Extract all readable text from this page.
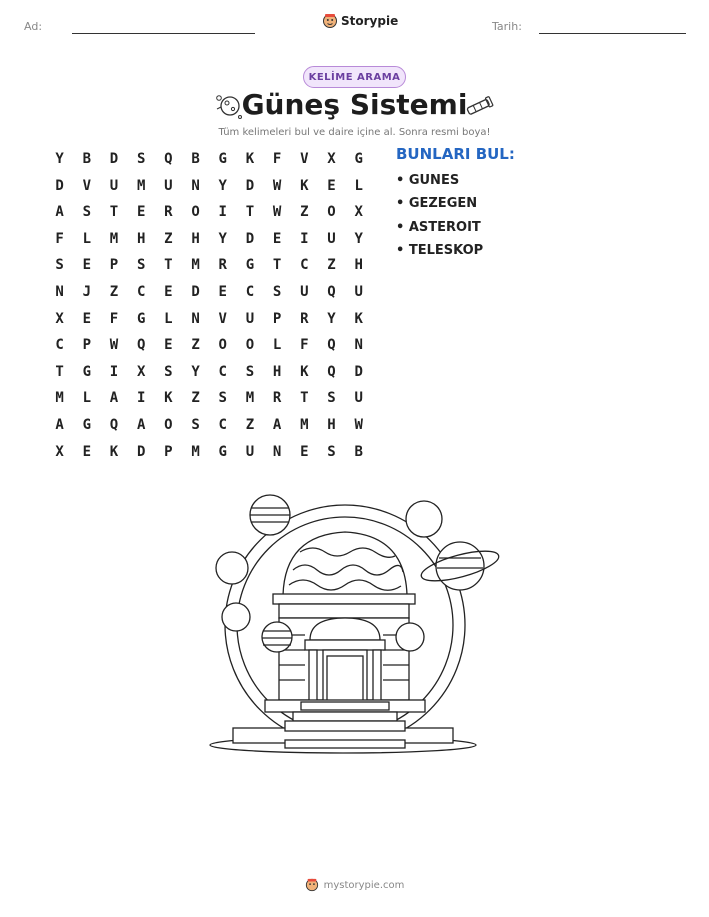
Ad:	Storypie	Tarih:
KELİME ARAMA
Güneş Sistemi
Tüm kelimeleri bul ve daire içine al. Sonra resmi boya!
Y	B	D	S	Q	B	G	K	F	V	X	G
D	V	U	M	U	N	Y	D	W	K	E	L
A	S	T	E	R	O	I	T	W	Z	O	X
F	L	M	H	Z	H	Y	D	E	I	U	Y
S	E	P	S	T	M	R	G	T	C	Z	H
N	J	Z	C	E	D	E	C	S	U	Q	U
X	E	F	G	L	N	V	U	P	R	Y	K
C	P	W	Q	E	Z	O	O	L	F	Q	N
T	G	I	X	S	Y	C	S	H	K	Q	D
M	L	A	I	K	Z	S	M	R	T	S	U
A	G	Q	A	O	S	C	Z	A	M	H	W
X	E	K	D	P	M	G	U	N	E	S	B
BUNLARI BUL:
• GUNES
• GEZEGEN
• ASTEROIT
• TELESKOP
mystorypie.com
